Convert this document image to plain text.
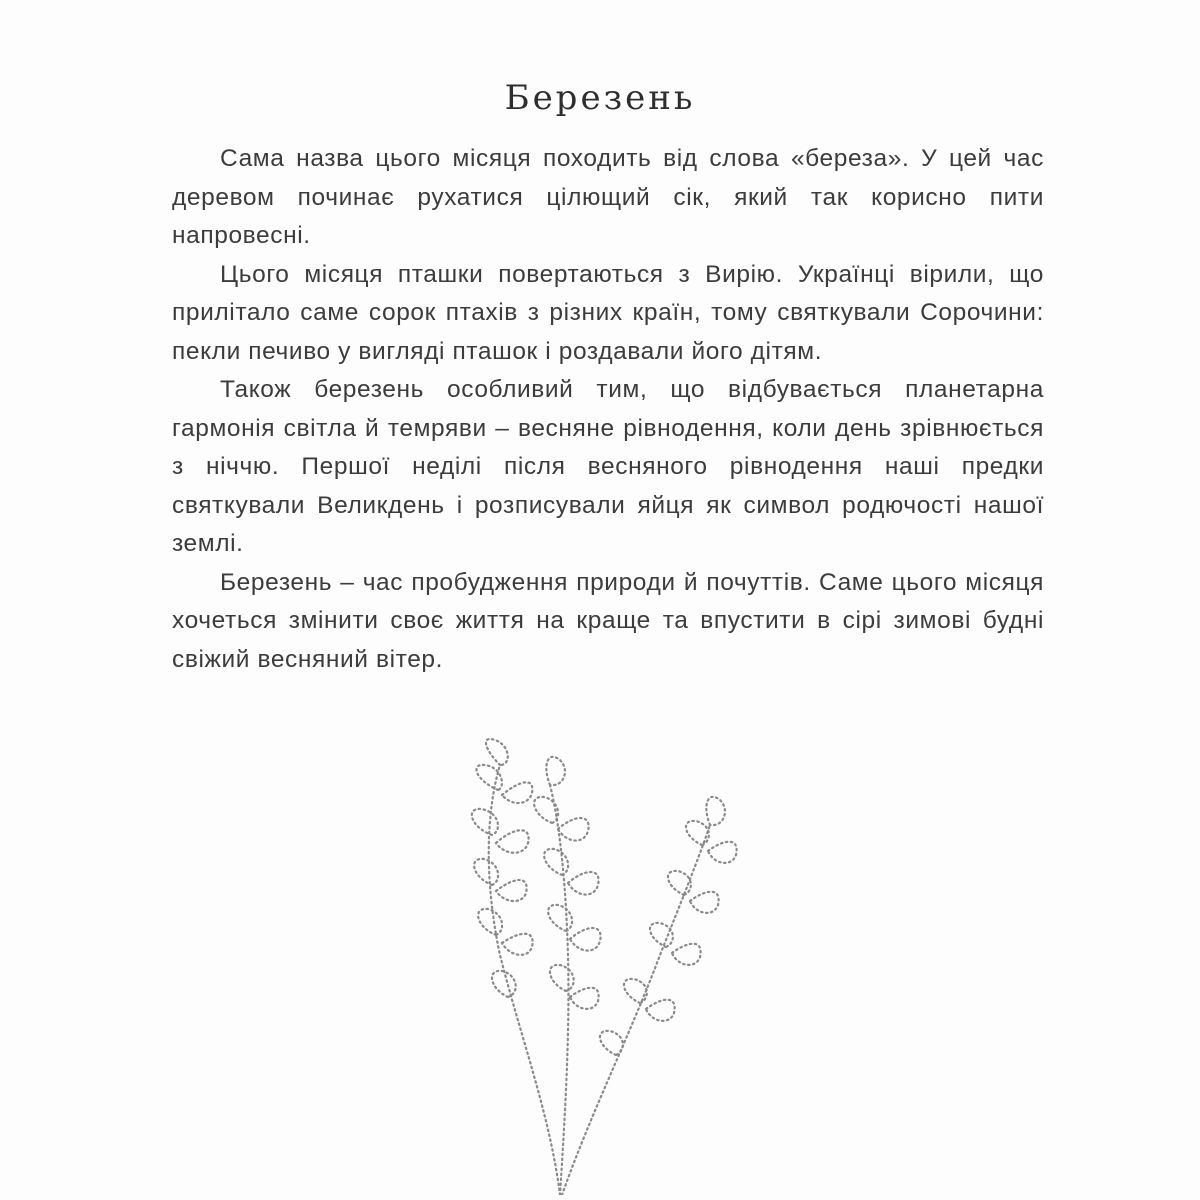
Березень

Сама назва цього місяця походить від слова «береза». У цей час деревом починає рухатися цілющий сік, який так корисно пити напровесні.

Цього місяця пташки повертаються з Вирію. Українці вірили, що прилітало саме сорок птахів з різних країн, тому святкували Сорочини: пекли печиво у вигляді пташок і роздавали його дітям.

Також березень особливий тим, що відбувається планетарна гармонія світла й темряви – весняне рівнодення, коли день зрівнюється з ніччю. Першої неділі після весняного рівнодення наші предки святкували Великдень і розписували яйця як символ родючості нашої землі.

Березень – час пробудження природи й почуттів. Саме цього місяця хочеться змінити своє життя на краще та впустити в сірі зимові будні свіжий весняний вітер.
